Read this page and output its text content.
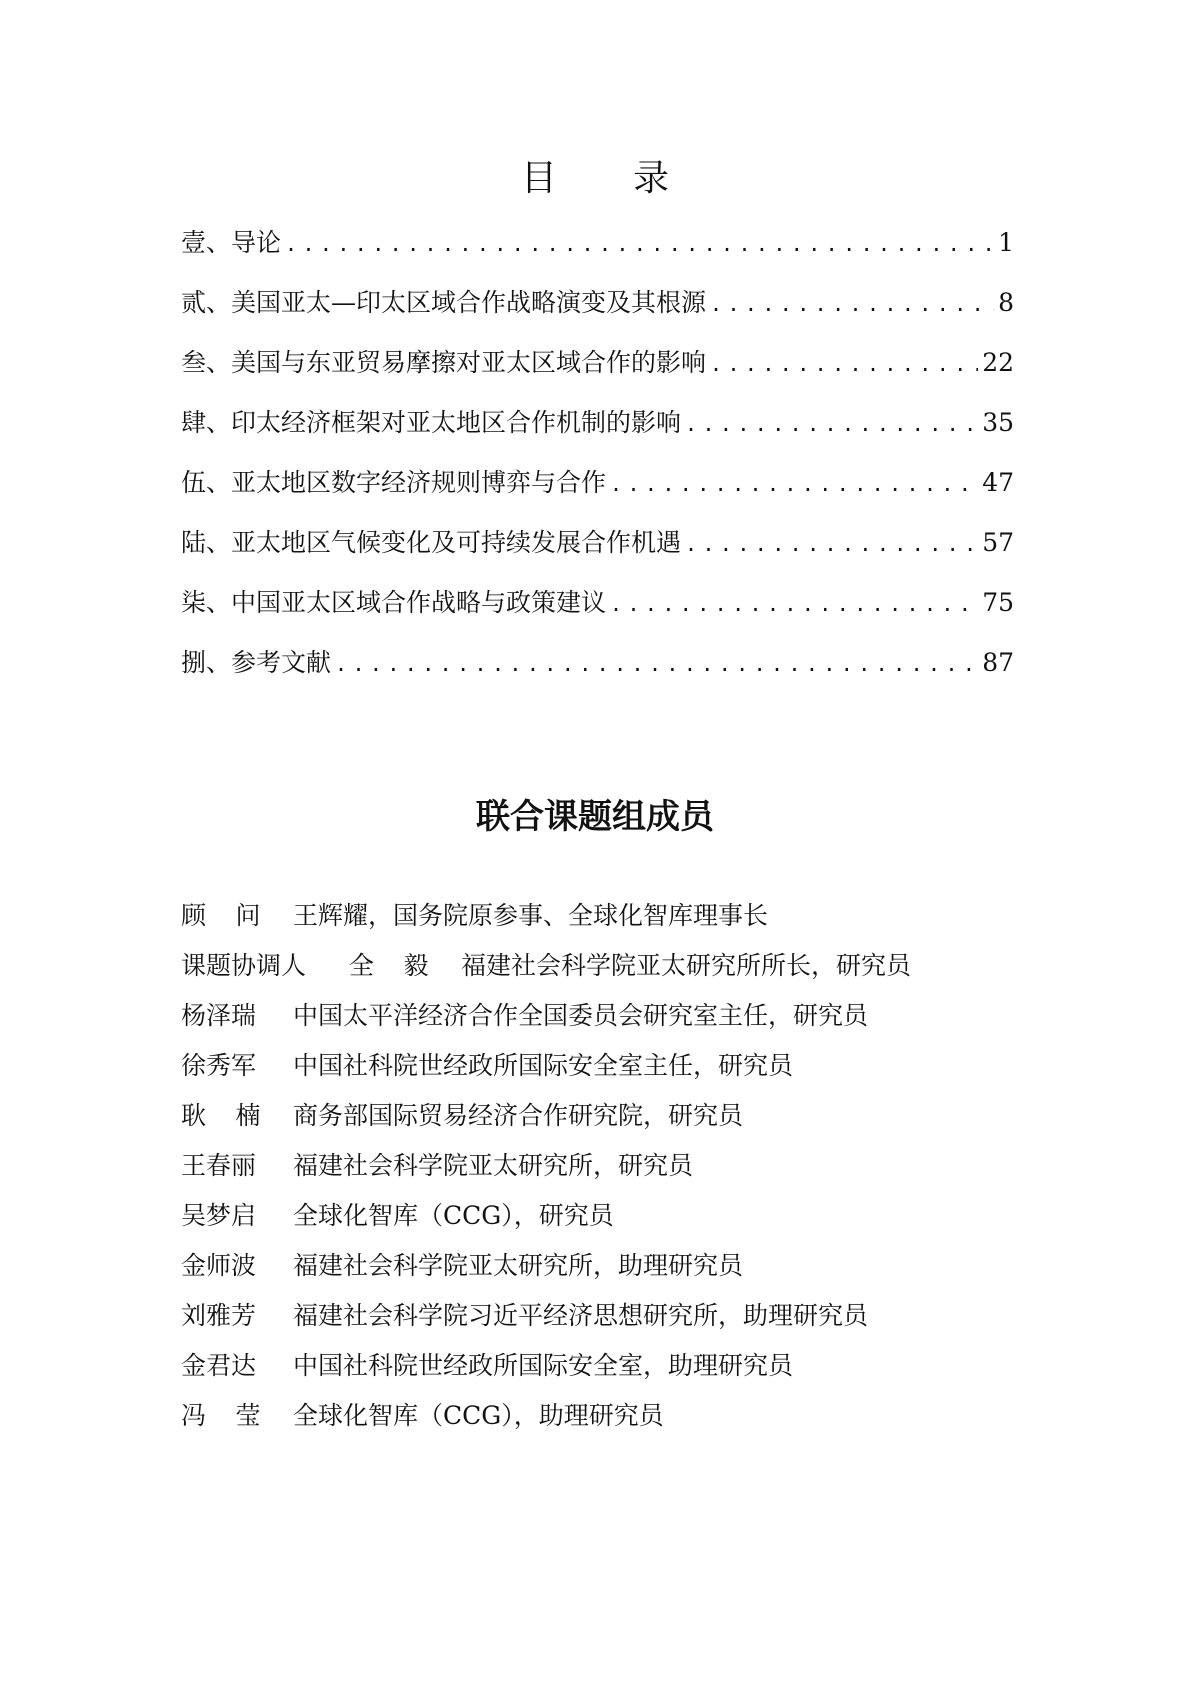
目 录
壹、导论 .....	1
贰、美国亚太—印太区域合作战略演变及其根源 .....	8
叁、美国与东亚贸易摩擦对亚太区域合作的影响 .....	22
肆、印太经济框架对亚太地区合作机制的影响 .....	35
伍、亚太地区数字经济规则博弈与合作 .....	47
陆、亚太地区气候变化及可持续发展合作机遇 .....	57
柒、中国亚太区域合作战略与政策建议 .....	75
捌、参考文献 .....	87
联合课题组成员
顾问 王辉耀，国务院原参事、全球化智库理事长
课题协调人	全毅 福建社会科学院亚太研究所所长，研究员
杨泽瑞	中国太平洋经济合作全国委员会研究室主任，研究员
徐秀军	中国社科院世经政所国际安全室主任，研究员
耿楠 商务部国际贸易经济合作研究院，研究员
王春丽	福建社会科学院亚太研究所，研究员
吴梦启	全球化智库（CCG），研究员
金师波	福建社会科学院亚太研究所，助理研究员
刘雅芳	福建社会科学院习近平经济思想研究所，助理研究员
金君达	中国社科院世经政所国际安全室，助理研究员
冯莹 全球化智库（CCG），助理研究员
